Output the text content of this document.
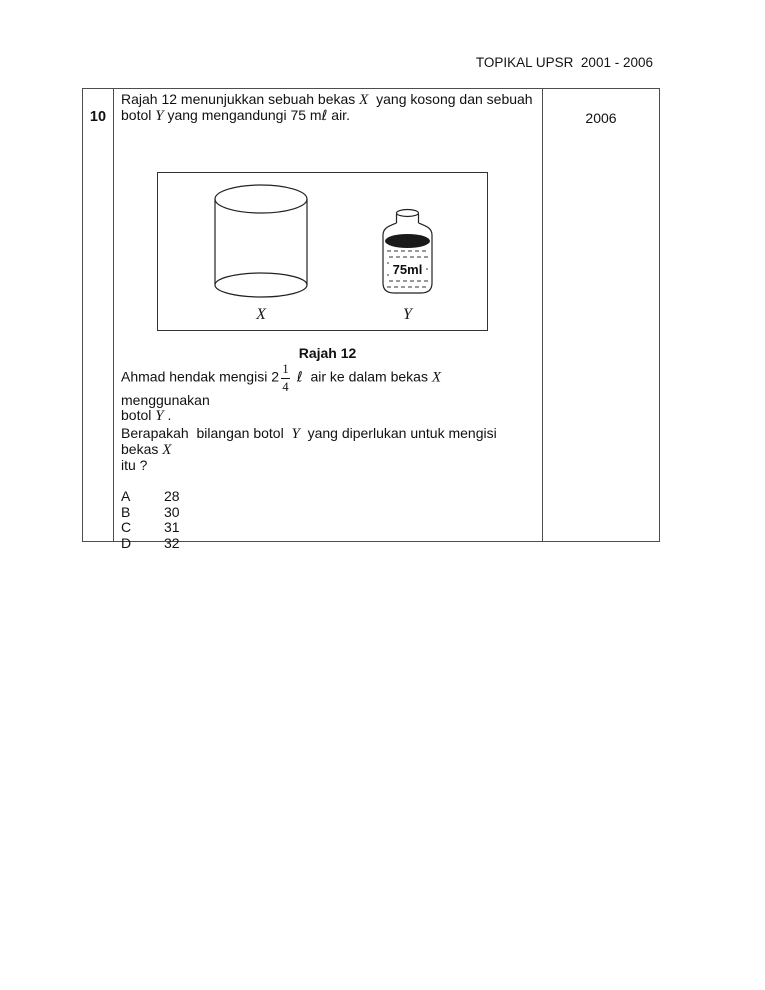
TOPIKAL UPSR  2001 - 2006

10
Rajah 12 menunjukkan sebuah bekas X  yang kosong dan sebuah
botol Y yang mengandungi 75 mℓ air.
75ml
X	Y
Rajah 12
Ahmad hendak mengisi $2 \frac{1}{4}$ ℓ  air ke dalam bekas X  menggunakan
botol Y .
Berapakah  bilangan botol  Y  yang diperlukan untuk mengisi bekas X
itu ?
A 28
B 30
C 31
D 32
2006
